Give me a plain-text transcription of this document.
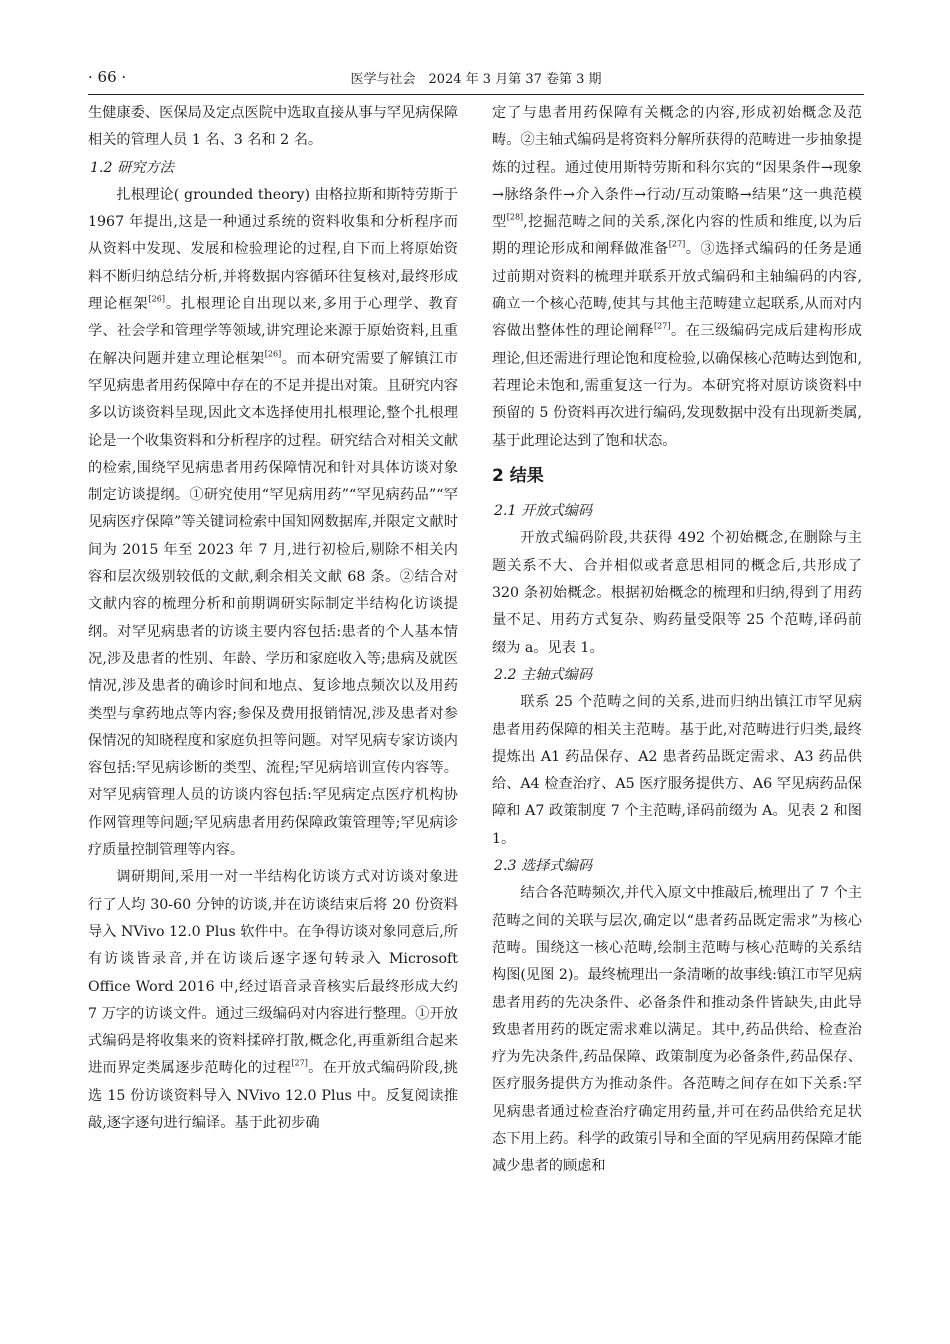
· 66 ·	医学与社会　2024 年 3 月第 37 卷第 3 期

生健康委、医保局及定点医院中选取直接从事与罕见病保障相关的管理人员 1 名、3 名和 2 名。

1.2 研究方法

扎根理论( grounded theory) 由格拉斯和斯特劳斯于 1967 年提出,这是一种通过系统的资料收集和分析程序而从资料中发现、发展和检验理论的过程,自下而上将原始资料不断归纳总结分析,并将数据内容循环往复核对,最终形成理论框架[26]。扎根理论自出现以来,多用于心理学、教育学、社会学和管理学等领域,讲究理论来源于原始资料,且重在解决问题并建立理论框架[26]。而本研究需要了解镇江市罕见病患者用药保障中存在的不足并提出对策。且研究内容多以访谈资料呈现,因此文本选择使用扎根理论,整个扎根理论是一个收集资料和分析程序的过程。研究结合对相关文献的检索,围绕罕见病患者用药保障情况和针对具体访谈对象制定访谈提纲。①研究使用“罕见病用药”“罕见病药品”“罕见病医疗保障”等关键词检索中国知网数据库,并限定文献时间为 2015 年至 2023 年 7 月,进行初检后,剔除不相关内容和层次级别较低的文献,剩余相关文献 68 条。②结合对文献内容的梳理分析和前期调研实际制定半结构化访谈提纲。对罕见病患者的访谈主要内容包括:患者的个人基本情况,涉及患者的性别、年龄、学历和家庭收入等;患病及就医情况,涉及患者的确诊时间和地点、复诊地点频次以及用药类型与拿药地点等内容;参保及费用报销情况,涉及患者对参保情况的知晓程度和家庭负担等问题。对罕见病专家访谈内容包括:罕见病诊断的类型、流程;罕见病培训宣传内容等。对罕见病管理人员的访谈内容包括:罕见病定点医疗机构协作网管理等问题;罕见病患者用药保障政策管理等;罕见病诊疗质量控制管理等内容。

调研期间,采用一对一半结构化访谈方式对访谈对象进行了人均 30-60 分钟的访谈,并在访谈结束后将 20 份资料导入 NVivo 12.0 Plus 软件中。在争得访谈对象同意后,所有访谈皆录音,并在访谈后逐字逐句转录入 Microsoft Office Word 2016 中,经过语音录音核实后最终形成大约 7 万字的访谈文件。通过三级编码对内容进行整理。①开放式编码是将收集来的资料揉碎打散,概念化,再重新组合起来进而界定类属逐步范畴化的过程[27]。在开放式编码阶段,挑选 15 份访谈资料导入 NVivo 12.0 Plus 中。反复阅读推敲,逐字逐句进行编译。基于此初步确

定了与患者用药保障有关概念的内容,形成初始概念及范畴。②主轴式编码是将资料分解所获得的范畴进一步抽象提炼的过程。通过使用斯特劳斯和科尔宾的“因果条件→现象→脉络条件→介入条件→行动/互动策略→结果”这一典范模型[28],挖掘范畴之间的关系,深化内容的性质和维度,以为后期的理论形成和阐释做准备[27]。③选择式编码的任务是通过前期对资料的梳理并联系开放式编码和主轴编码的内容,确立一个核心范畴,使其与其他主范畴建立起联系,从而对内容做出整体性的理论阐释[27]。在三级编码完成后建构形成理论,但还需进行理论饱和度检验,以确保核心范畴达到饱和,若理论未饱和,需重复这一行为。本研究将对原访谈资料中预留的 5 份资料再次进行编码,发现数据中没有出现新类属,基于此理论达到了饱和状态。

2 结果

2.1 开放式编码

开放式编码阶段,共获得 492 个初始概念,在删除与主题关系不大、合并相似或者意思相同的概念后,共形成了 320 条初始概念。根据初始概念的梳理和归纳,得到了用药量不足、用药方式复杂、购药量受限等 25 个范畴,译码前缀为 a。见表 1。

2.2 主轴式编码

联系 25 个范畴之间的关系,进而归纳出镇江市罕见病患者用药保障的相关主范畴。基于此,对范畴进行归类,最终提炼出 A1 药品保存、A2 患者药品既定需求、A3 药品供给、A4 检查治疗、A5 医疗服务提供方、A6 罕见病药品保障和 A7 政策制度 7 个主范畴,译码前缀为 A。见表 2 和图 1。

2.3 选择式编码

结合各范畴频次,并代入原文中推敲后,梳理出了 7 个主范畴之间的关联与层次,确定以“患者药品既定需求”为核心范畴。围绕这一核心范畴,绘制主范畴与核心范畴的关系结构图(见图 2)。最终梳理出一条清晰的故事线:镇江市罕见病患者用药的先决条件、必备条件和推动条件皆缺失,由此导致患者用药的既定需求难以满足。其中,药品供给、检查治疗为先决条件,药品保障、政策制度为必备条件,药品保存、医疗服务提供方为推动条件。各范畴之间存在如下关系:罕见病患者通过检查治疗确定用药量,并可在药品供给充足状态下用上药。科学的政策引导和全面的罕见病用药保障才能减少患者的顾虑和
